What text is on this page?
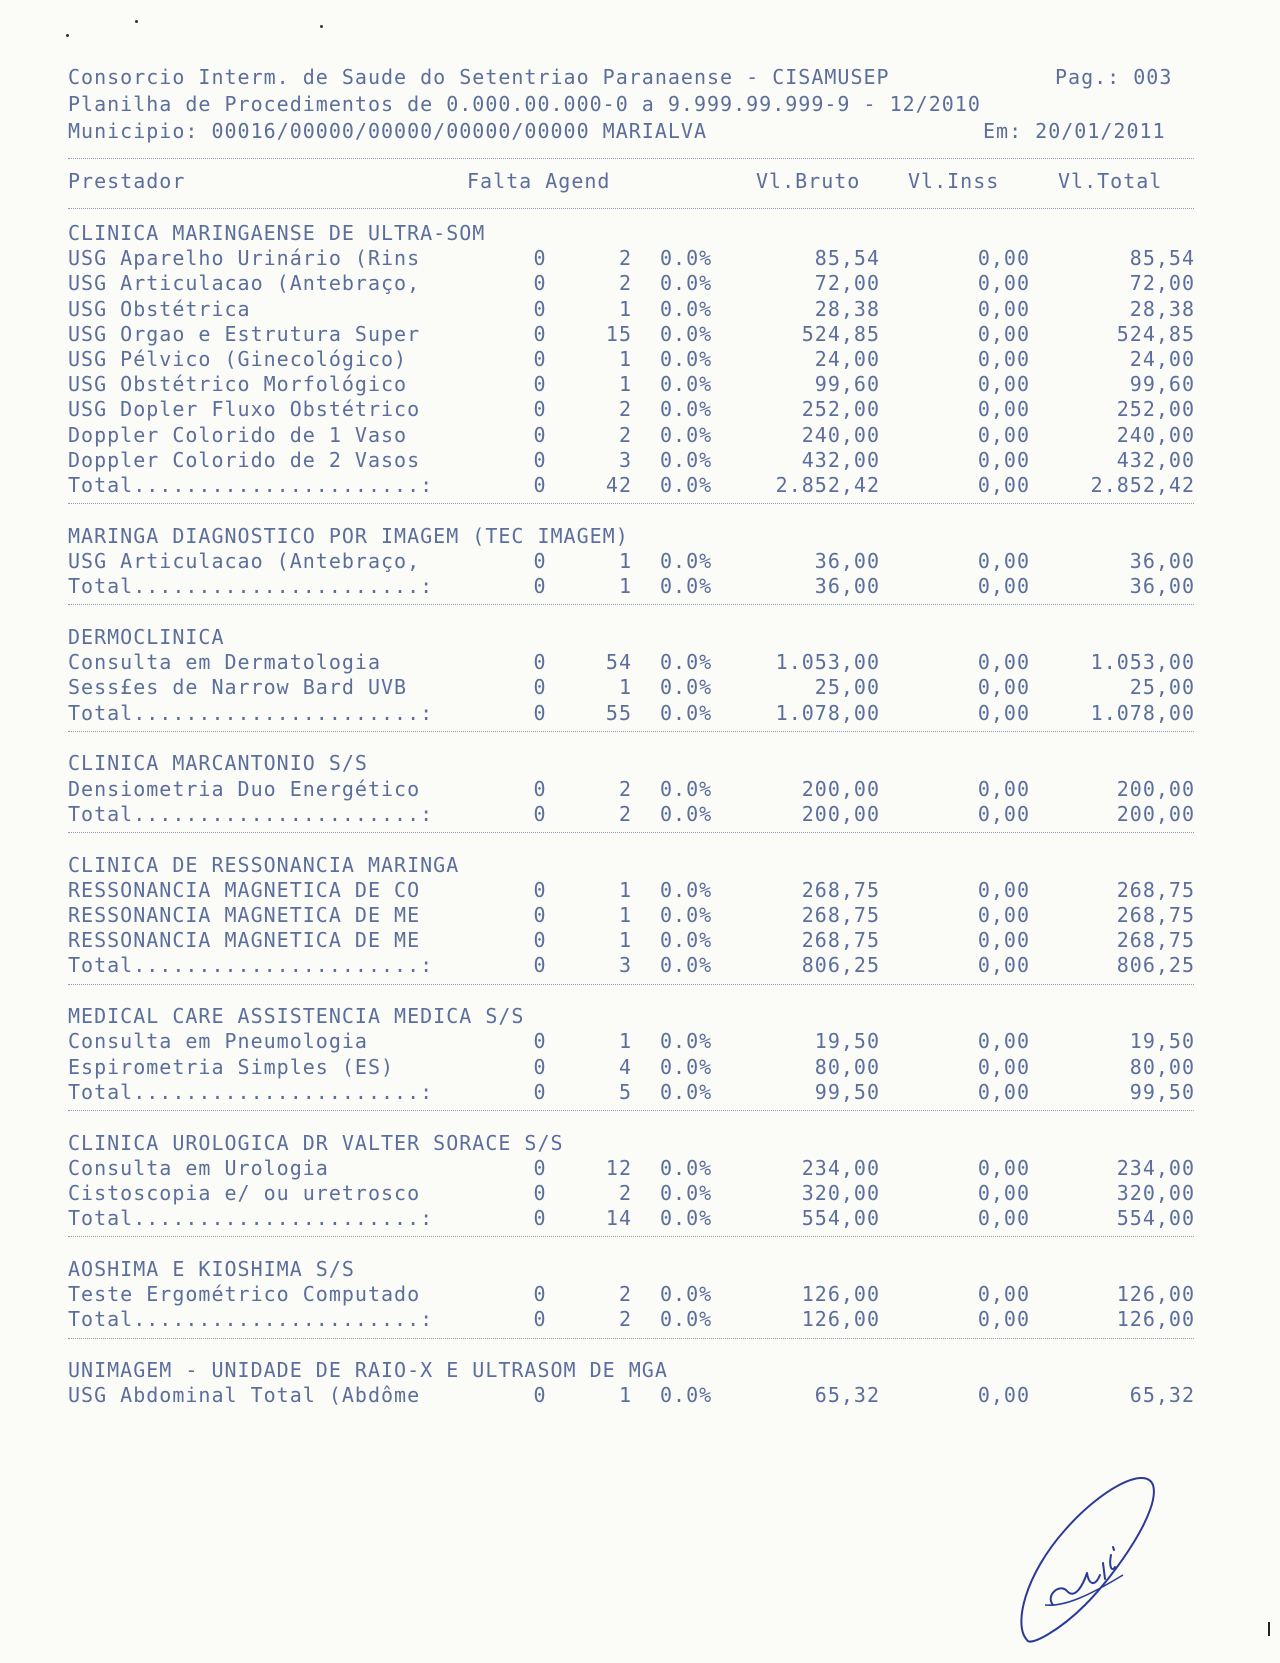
Consorcio Interm. de Saude do Setentriao Paranaense - CISAMUSEP	Pag.: 003
Planilha de Procedimentos de 0.000.00.000-0 a 9.999.99.999-9 - 12/2010
Municipio: 00016/00000/00000/00000/00000 MARIALVA	Em: 20/01/2011
Prestador	Falta Agend	Vl.Bruto Vl.Inss	Vl.Total
CLINICA MARINGAENSE DE ULTRA-SOM
USG Aparelho Urinário (Rins	0	2 0.0%	85,54	0,00	85,54
USG Articulacao (Antebraço,	0	2 0.0%	72,00	0,00	72,00
USG Obstétrica	0	1 0.0%	28,38	0,00	28,38
USG Orgao e Estrutura Super	0	15 0.0%	524,85	0,00	524,85
USG Pélvico (Ginecológico)	0	1 0.0%	24,00	0,00	24,00
USG Obstétrico Morfológico	0	1 0.0%	99,60	0,00	99,60
USG Dopler Fluxo Obstétrico	0	2 0.0%	252,00	0,00	252,00
Doppler Colorido de 1 Vaso	0	2 0.0%	240,00	0,00	240,00
Doppler Colorido de 2 Vasos	0	3 0.0%	432,00	0,00	432,00
Total......................:	0	42 0.0%	2.852,42	0,00	2.852,42
MARINGA DIAGNOSTICO POR IMAGEM (TEC IMAGEM)
USG Articulacao (Antebraço,	0	1 0.0%	36,00	0,00	36,00
Total......................:	0	1 0.0%	36,00	0,00	36,00
DERMOCLINICA
Consulta em Dermatologia	0	54 0.0%	1.053,00	0,00	1.053,00
Sess£es de Narrow Bard UVB	0	1 0.0%	25,00	0,00	25,00
Total......................:	0	55 0.0%	1.078,00	0,00	1.078,00
CLINICA MARCANTONIO S/S
Densiometria Duo Energético	0	2 0.0%	200,00	0,00	200,00
Total......................:	0	2 0.0%	200,00	0,00	200,00
CLINICA DE RESSONANCIA MARINGA
RESSONANCIA MAGNETICA DE CO	0	1 0.0%	268,75	0,00	268,75
RESSONANCIA MAGNETICA DE ME	0	1 0.0%	268,75	0,00	268,75
RESSONANCIA MAGNETICA DE ME	0	1 0.0%	268,75	0,00	268,75
Total......................:	0	3 0.0%	806,25	0,00	806,25
MEDICAL CARE ASSISTENCIA MEDICA S/S
Consulta em Pneumologia	0	1 0.0%	19,50	0,00	19,50
Espirometria Simples (ES)	0	4 0.0%	80,00	0,00	80,00
Total......................:	0	5 0.0%	99,50	0,00	99,50
CLINICA UROLOGICA DR VALTER SORACE S/S
Consulta em Urologia	0	12 0.0%	234,00	0,00	234,00
Cistoscopia e/ ou uretrosco	0	2 0.0%	320,00	0,00	320,00
Total......................:	0	14 0.0%	554,00	0,00	554,00
AOSHIMA E KIOSHIMA S/S
Teste Ergométrico Computado	0	2 0.0%	126,00	0,00	126,00
Total......................:	0	2 0.0%	126,00	0,00	126,00
UNIMAGEM - UNIDADE DE RAIO-X E ULTRASOM DE MGA
USG Abdominal Total (Abdôme	0	1 0.0%	65,32	0,00	65,32
